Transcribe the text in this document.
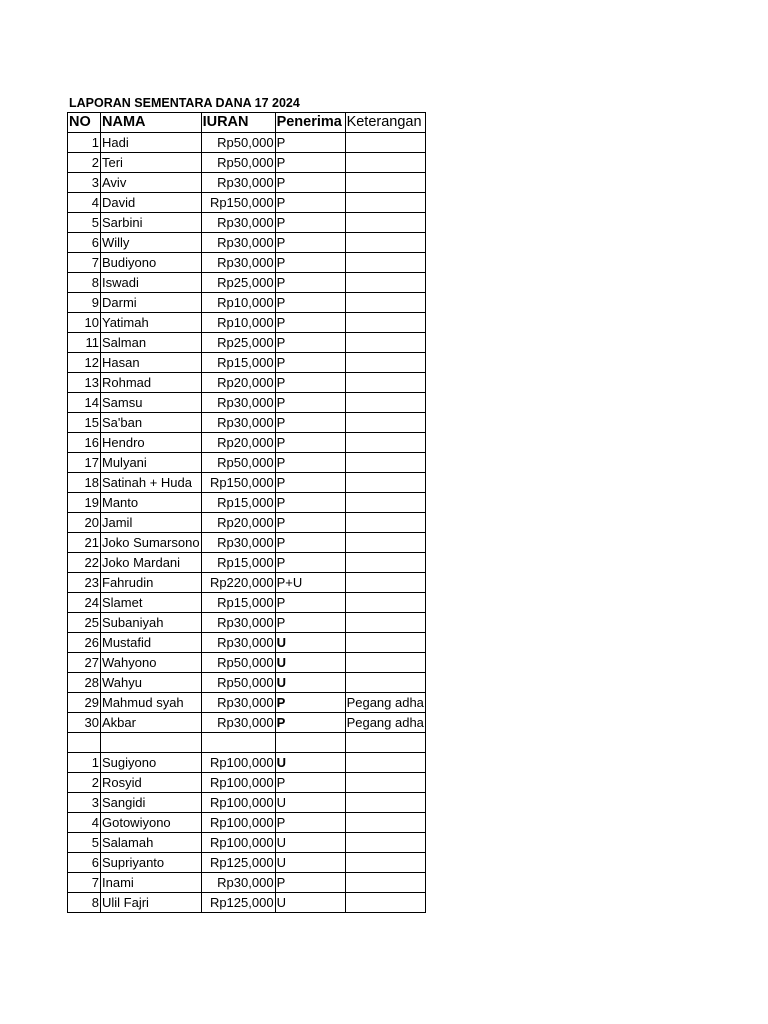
LAPORAN SEMENTARA DANA 17 2024
NO	NAMA	IURAN	Penerima	Keterangan
1	Hadi	Rp50,000	P	
2	Teri	Rp50,000	P	
3	Aviv	Rp30,000	P	
4	David	Rp150,000	P	
5	Sarbini	Rp30,000	P	
6	Willy	Rp30,000	P	
7	Budiyono	Rp30,000	P	
8	Iswadi	Rp25,000	P	
9	Darmi	Rp10,000	P	
10	Yatimah	Rp10,000	P	
11	Salman	Rp25,000	P	
12	Hasan	Rp15,000	P	
13	Rohmad	Rp20,000	P	
14	Samsu	Rp30,000	P	
15	Sa'ban	Rp30,000	P	
16	Hendro	Rp20,000	P	
17	Mulyani	Rp50,000	P	
18	Satinah + Huda	Rp150,000	P	
19	Manto	Rp15,000	P	
20	Jamil	Rp20,000	P	
21	Joko Sumarsono	Rp30,000	P	
22	Joko Mardani	Rp15,000	P	
23	Fahrudin	Rp220,000	P+U	
24	Slamet	Rp15,000	P	
25	Subaniyah	Rp30,000	P	
26	Mustafid	Rp30,000	U	
27	Wahyono	Rp50,000	U	
28	Wahyu	Rp50,000	U	
29	Mahmud syah	Rp30,000	P	Pegang adha
30	Akbar	Rp30,000	P	Pegang adha

1	Sugiyono	Rp100,000	U	
2	Rosyid	Rp100,000	P	
3	Sangidi	Rp100,000	U	
4	Gotowiyono	Rp100,000	P	
5	Salamah	Rp100,000	U	
6	Supriyanto	Rp125,000	U	
7	Inami	Rp30,000	P	
8	Ulil Fajri	Rp125,000	U	
